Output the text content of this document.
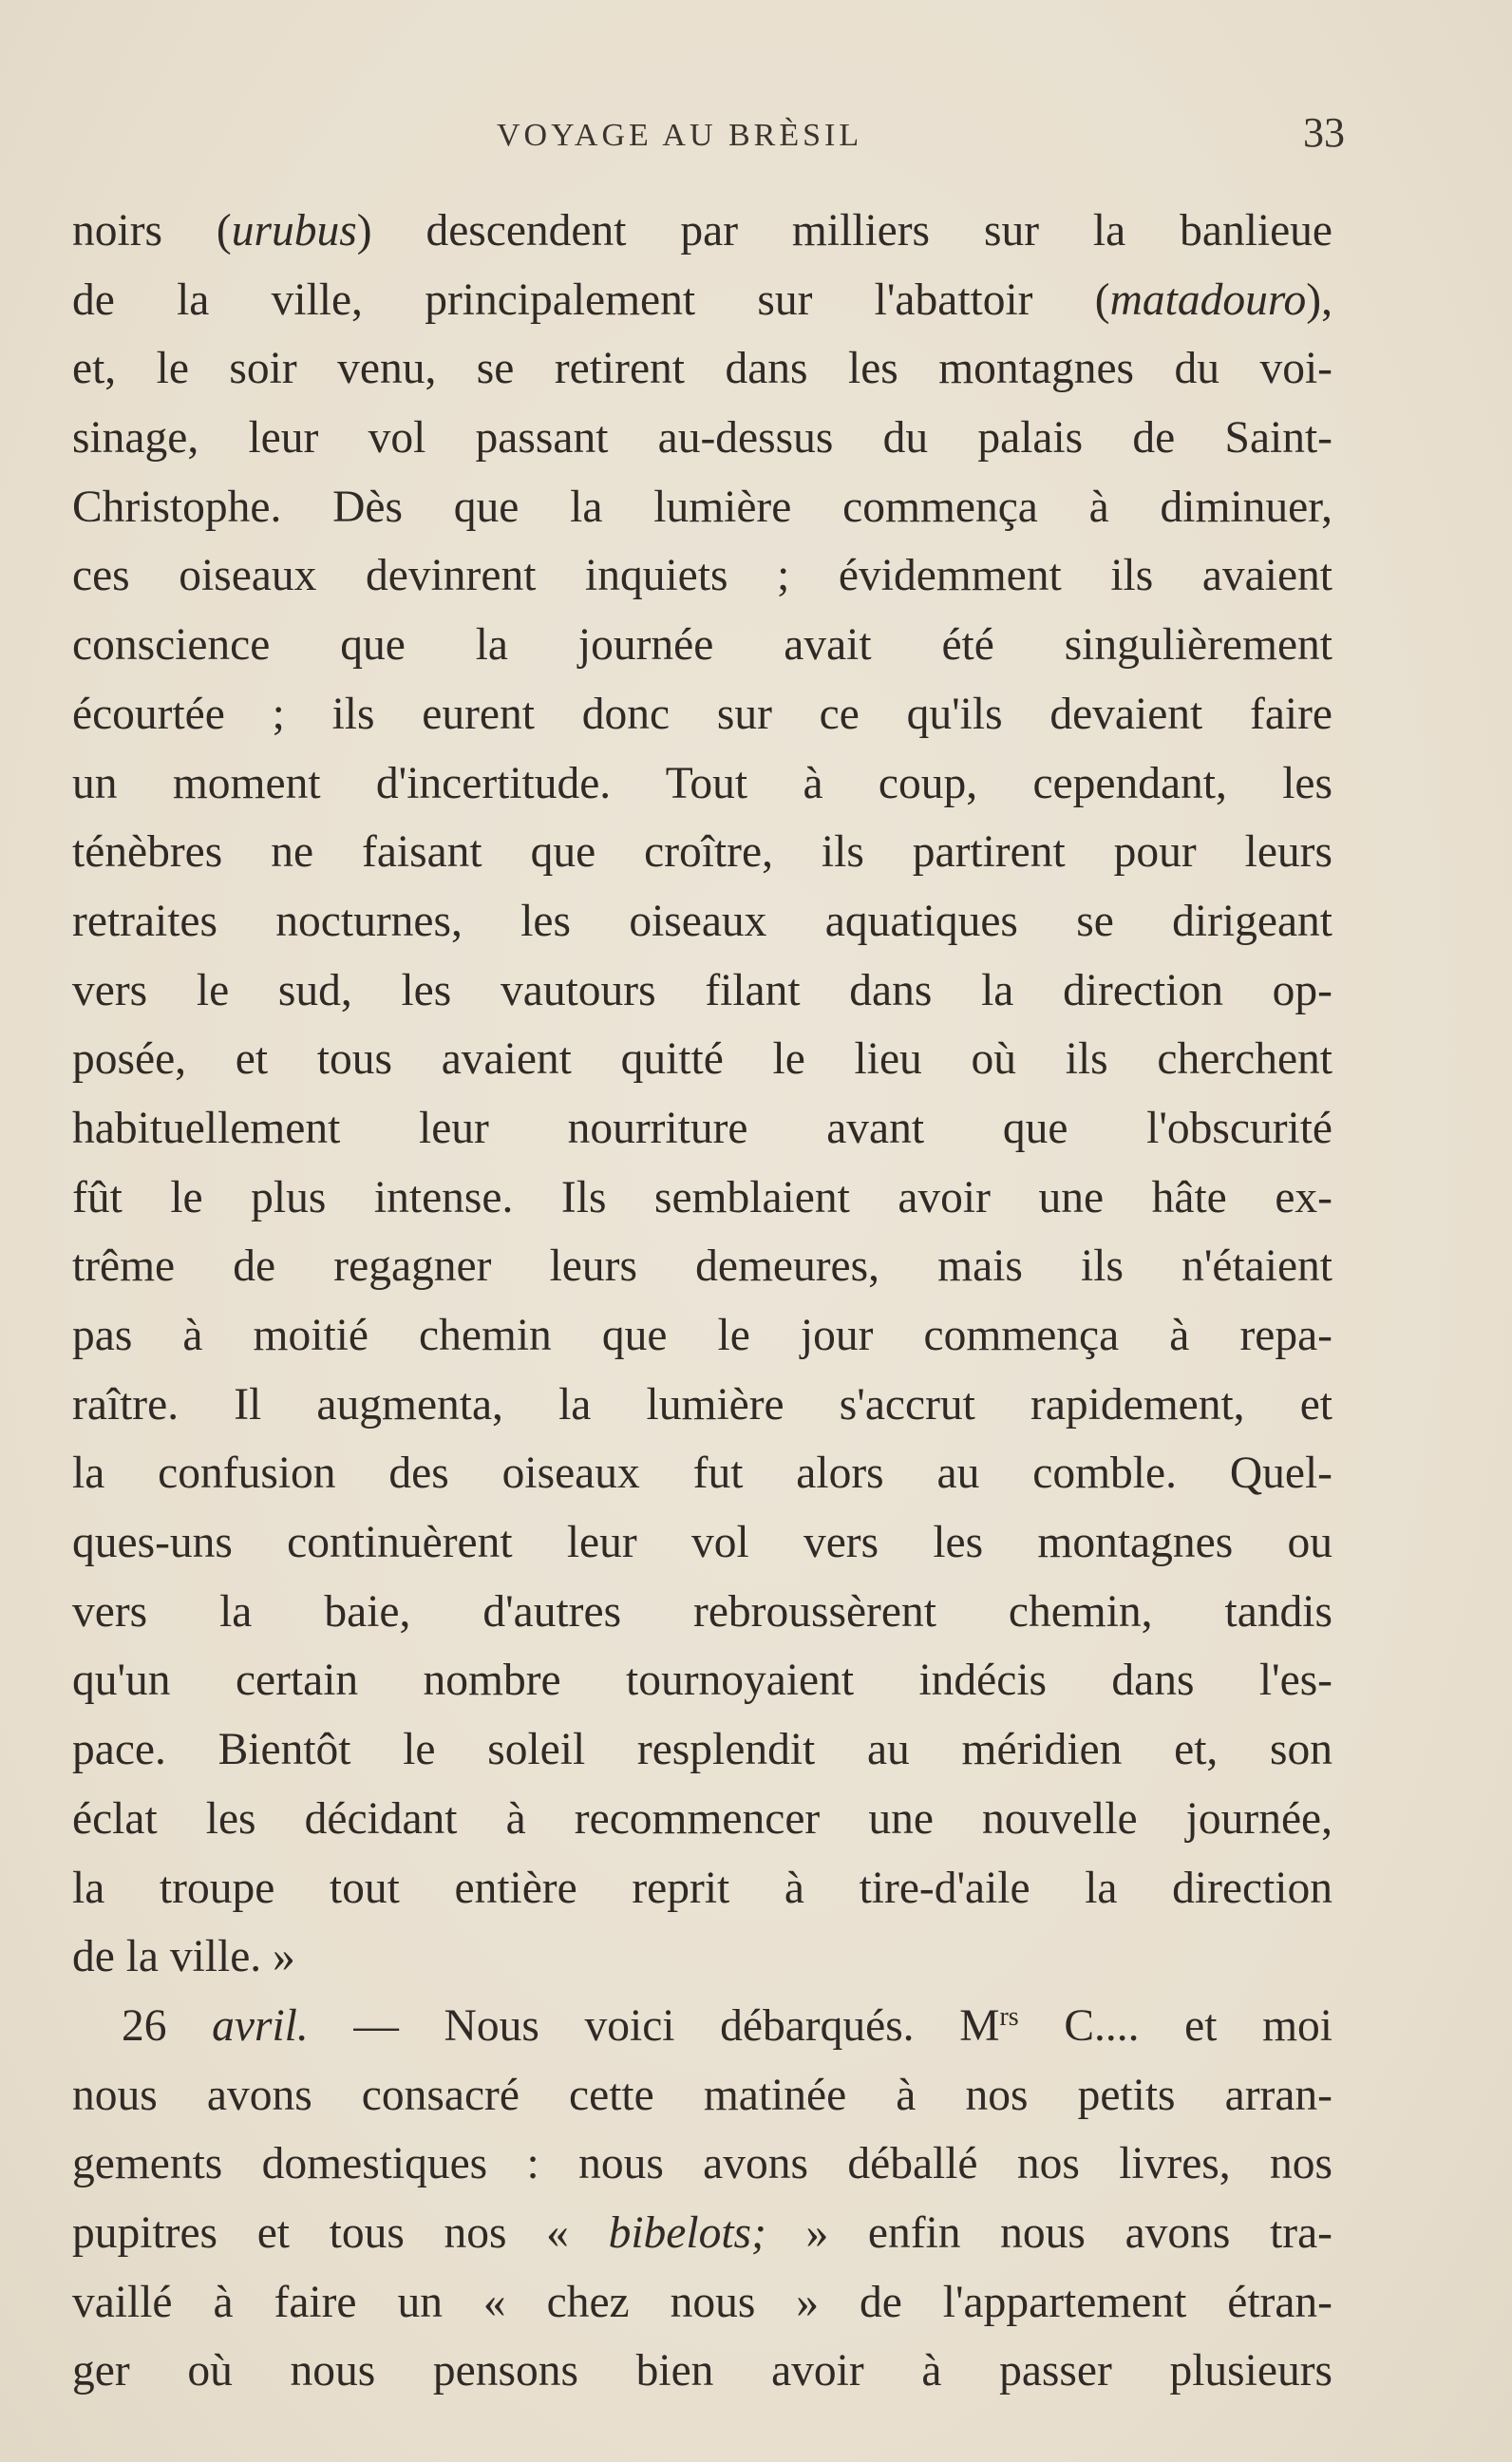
VOYAGE AU BRÈSIL	33
noirs (urubus) descendent par milliers sur la banlieue
de la ville, principalement sur l'abattoir (matadouro),
et, le soir venu, se retirent dans les montagnes du voi-
sinage, leur vol passant au-dessus du palais de Saint-
Christophe. Dès que la lumière commença à diminuer,
ces oiseaux devinrent inquiets ; évidemment ils avaient
conscience que la journée avait été singulièrement
écourtée ; ils eurent donc sur ce qu'ils devaient faire
un moment d'incertitude. Tout à coup, cependant, les
ténèbres ne faisant que croître, ils partirent pour leurs
retraites nocturnes, les oiseaux aquatiques se dirigeant
vers le sud, les vautours filant dans la direction op-
posée, et tous avaient quitté le lieu où ils cherchent
habituellement leur nourriture avant que l'obscurité
fût le plus intense. Ils semblaient avoir une hâte ex-
trême de regagner leurs demeures, mais ils n'étaient
pas à moitié chemin que le jour commença à repa-
raître. Il augmenta, la lumière s'accrut rapidement, et
la confusion des oiseaux fut alors au comble. Quel-
ques-uns continuèrent leur vol vers les montagnes ou
vers la baie, d'autres rebroussèrent chemin, tandis
qu'un certain nombre tournoyaient indécis dans l'es-
pace. Bientôt le soleil resplendit au méridien et, son
éclat les décidant à recommencer une nouvelle journée,
la troupe tout entière reprit à tire-d'aile la direction
de la ville. »
26 avril. — Nous voici débarqués. $M^{rs}$ C.... et moi
nous avons consacré cette matinée à nos petits arran-
gements domestiques : nous avons déballé nos livres, nos
pupitres et tous nos « bibelots; » enfin nous avons tra-
vaillé à faire un « chez nous » de l'appartement étran-
ger où nous pensons bien avoir à passer plusieurs
